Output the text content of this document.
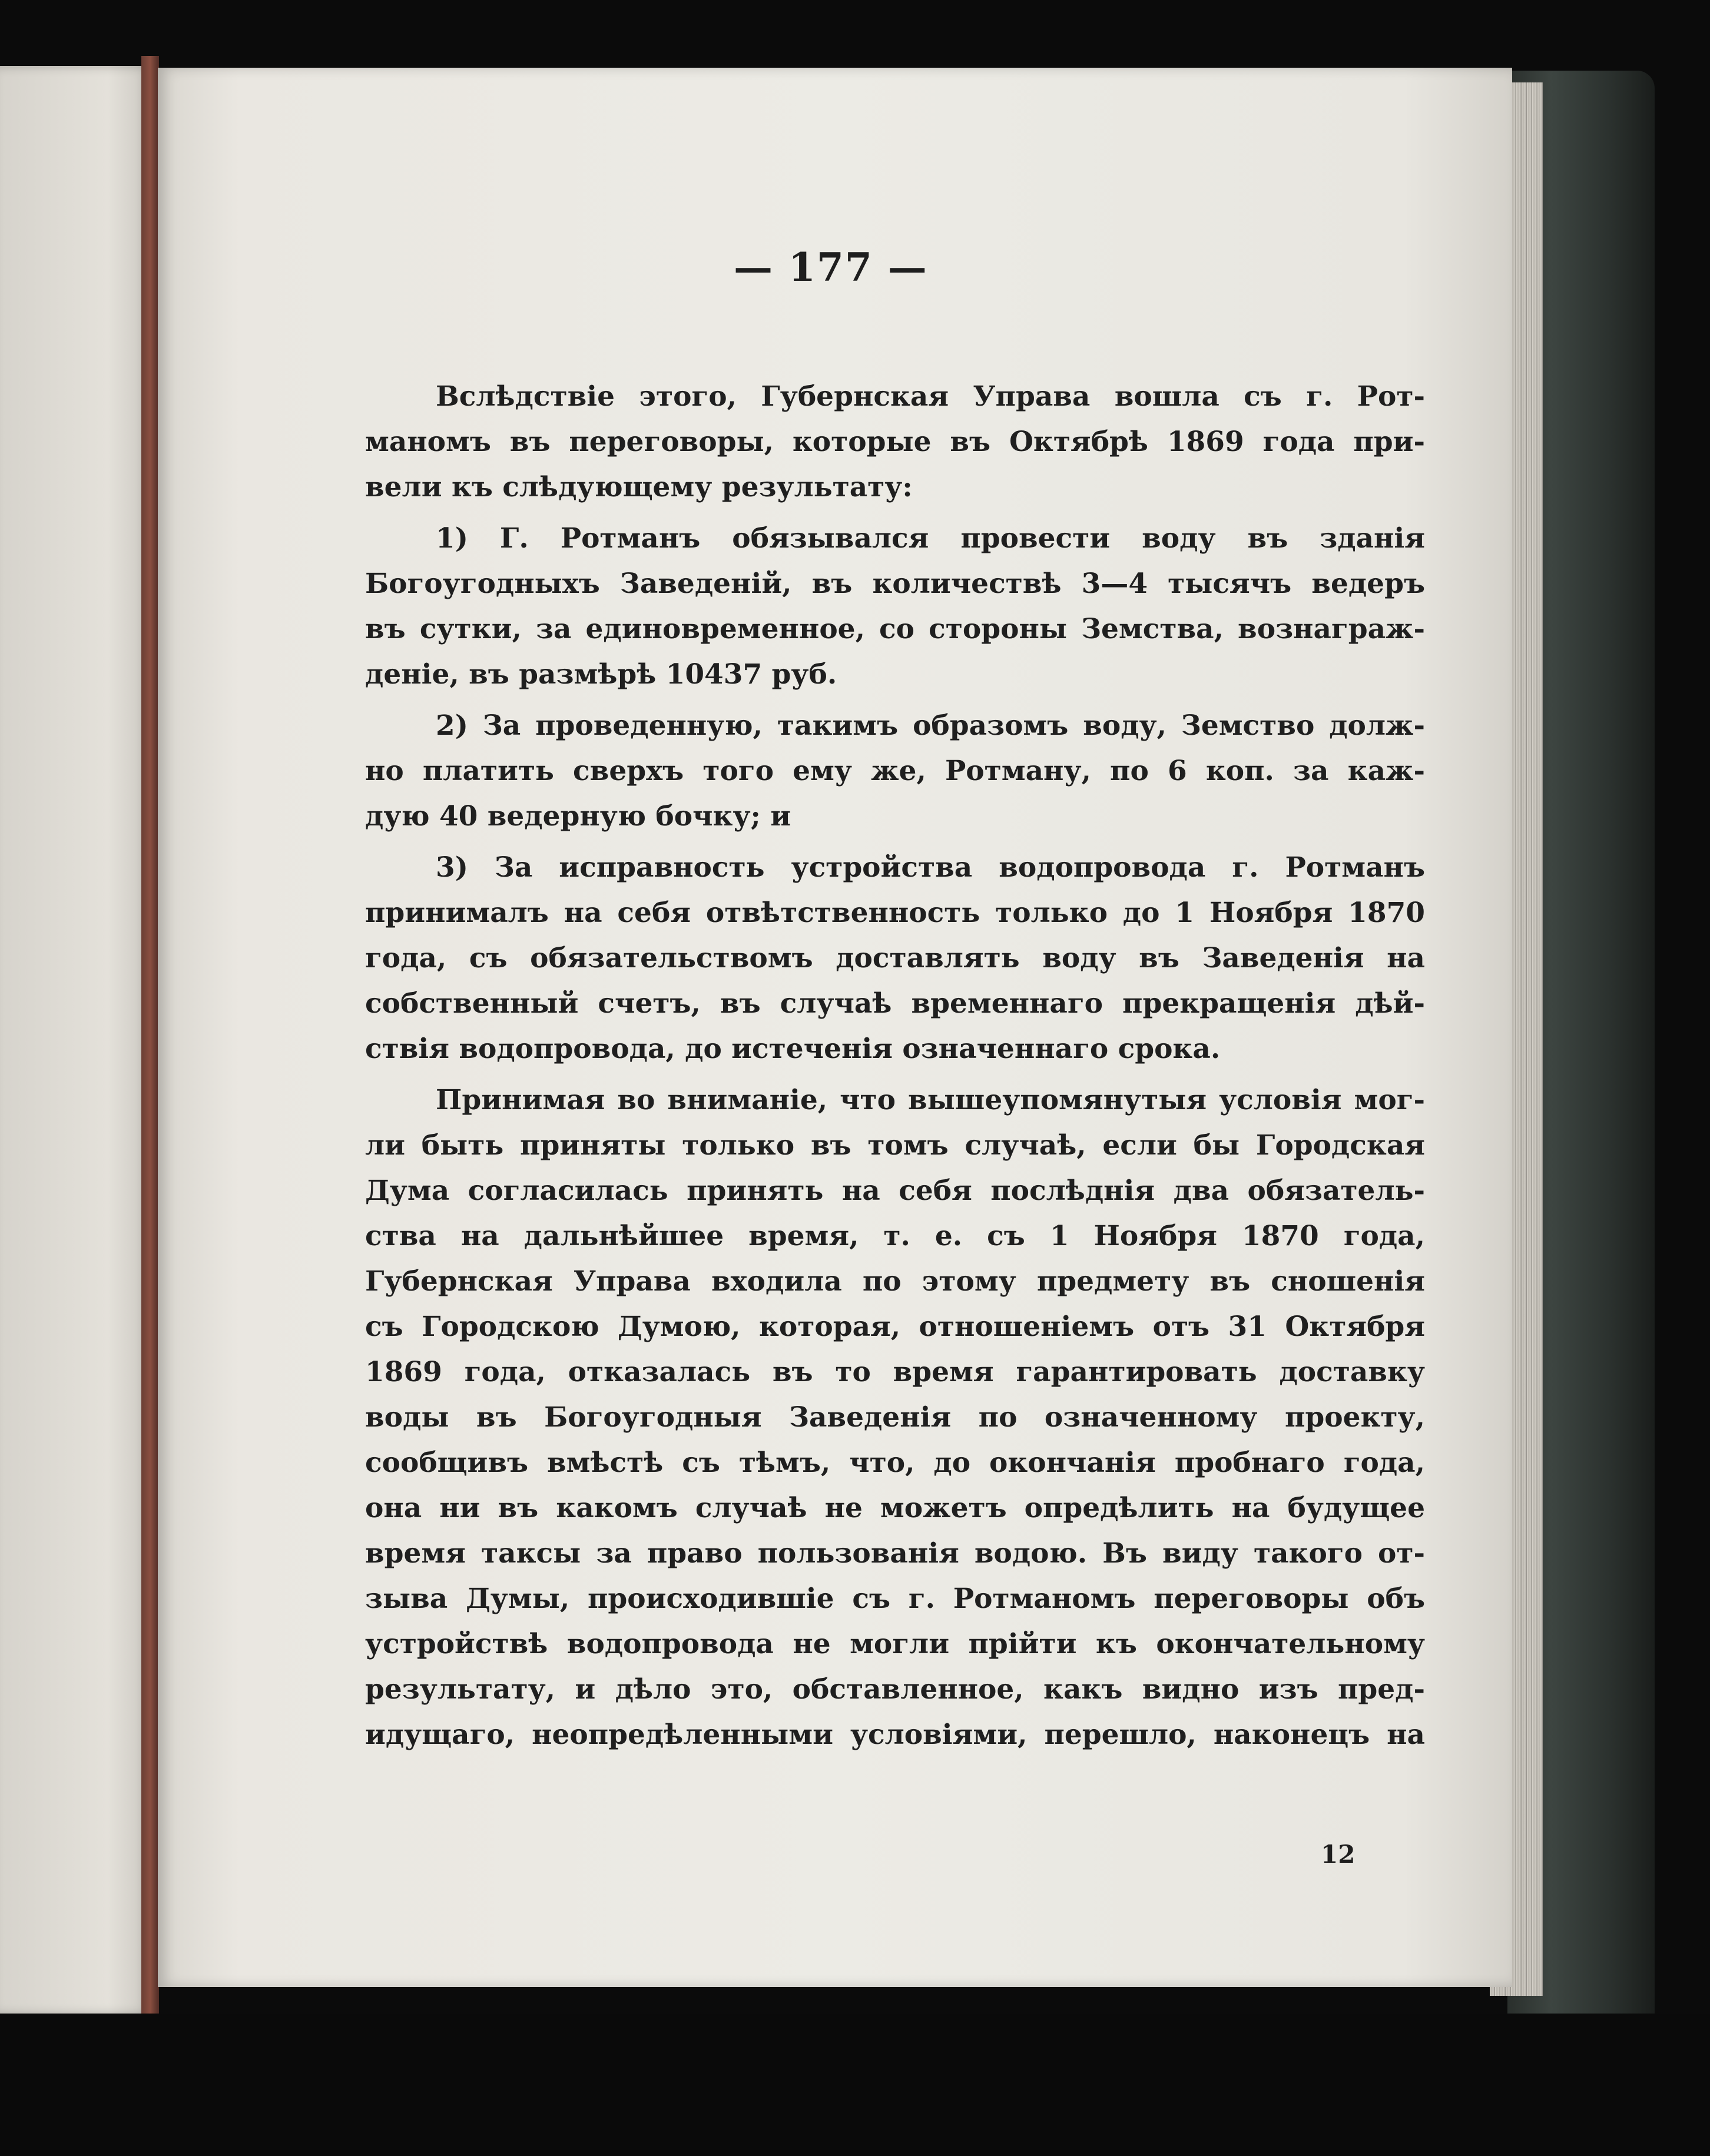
— 177 —
Вслѣдствіе этого, Губернская Управа вошла съ г. Рот-
маномъ въ переговоры, которые въ Октябрѣ 1869 года при-
вели къ слѣдующему результату:
1) Г. Ротманъ обязывался провести воду въ зданія
Богоугодныхъ Заведеній, въ количествѣ 3—4 тысячъ ведеръ
въ сутки, за единовременное, со стороны Земства, вознаграж-
деніе, въ размѣрѣ 10437 руб.
2) За проведенную, такимъ образомъ воду, Земство долж-
но платить сверхъ того ему же, Ротману, по 6 коп. за каж-
дую 40 ведерную бочку; и
3) За исправность устройства водопровода г. Ротманъ
принималъ на себя отвѣтственность только до 1 Ноября 1870
года, съ обязательствомъ доставлять воду въ Заведенія на
собственный счетъ, въ случаѣ временнаго прекращенія дѣй-
ствія водопровода, до истеченія означеннаго срока.
Принимая во вниманіе, что вышеупомянутыя условія мог-
ли быть приняты только въ томъ случаѣ, если бы Городская
Дума согласилась принять на себя послѣднія два обязатель-
ства на дальнѣйшее время, т. е. съ 1 Ноября 1870 года,
Губернская Управа входила по этому предмету въ сношенія
съ Городскою Думою, которая, отношеніемъ отъ 31 Октября
1869 года, отказалась въ то время гарантировать доставку
воды въ Богоугодныя Заведенія по означенному проекту,
сообщивъ вмѣстѣ съ тѣмъ, что, до окончанія пробнаго года,
она ни въ какомъ случаѣ не можетъ опредѣлить на будущее
время таксы за право пользованія водою. Въ виду такого от-
зыва Думы, происходившіе съ г. Ротманомъ переговоры объ
устройствѣ водопровода не могли прійти къ окончательному
результату, и дѣло это, обставленное, какъ видно изъ пред-
идущаго, неопредѣленными условіями, перешло, наконецъ на
12
